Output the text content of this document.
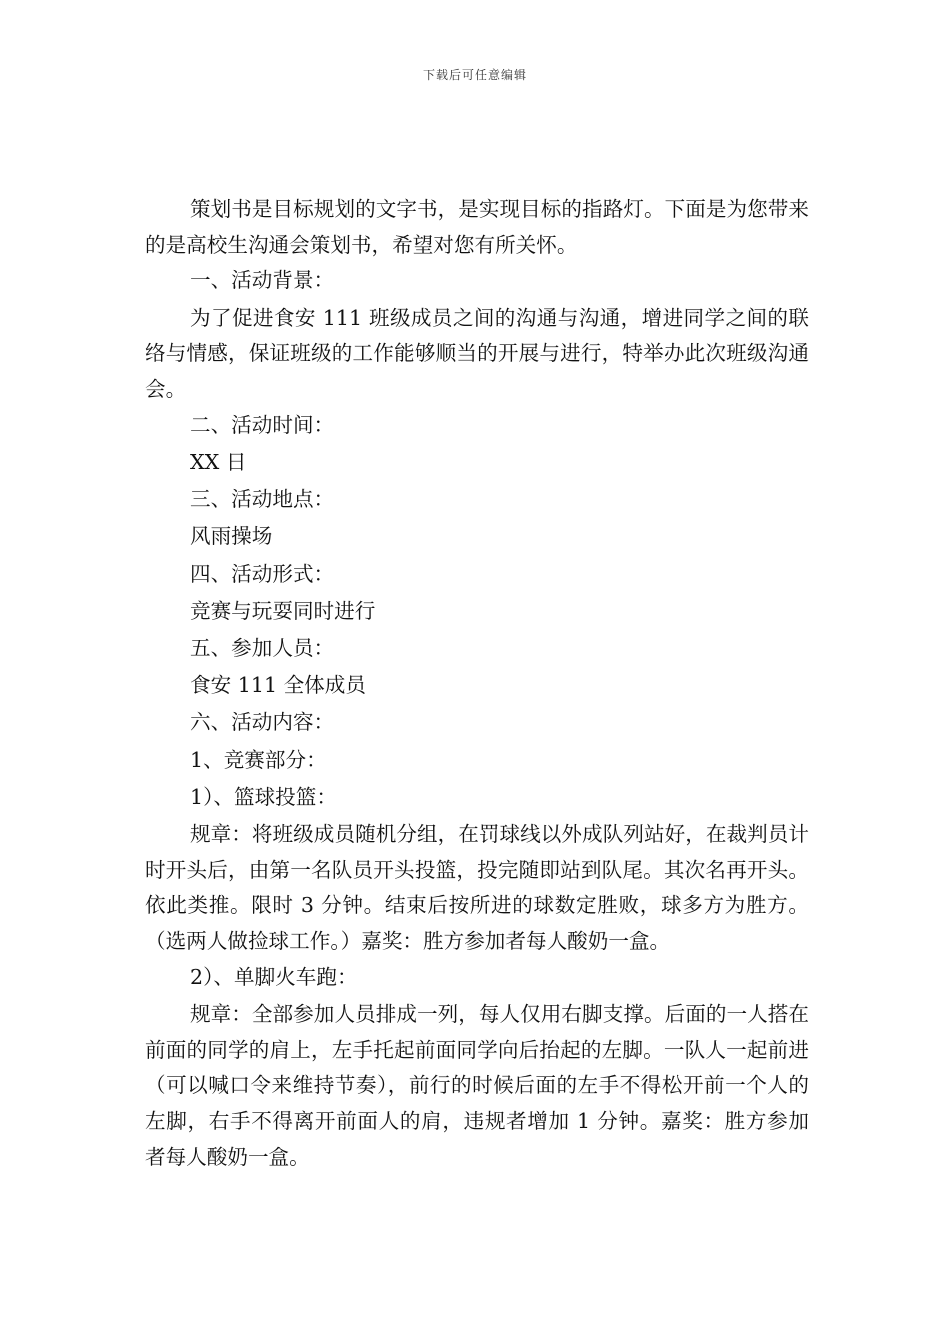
下载后可任意编辑

策划书是目标规划的文字书，是实现目标的指路灯。下面是为您带来的是高校生沟通会策划书，希望对您有所关怀。

一、活动背景：

为了促进食安 111 班级成员之间的沟通与沟通，增进同学之间的联络与情感，保证班级的工作能够顺当的开展与进行，特举办此次班级沟通会。

二、活动时间：

XX 日

三、活动地点：

风雨操场

四、活动形式：

竞赛与玩耍同时进行

五、参加人员：

食安 111 全体成员

六、活动内容：

1、竞赛部分：

1）、篮球投篮：

规章：将班级成员随机分组，在罚球线以外成队列站好，在裁判员计时开头后，由第一名队员开头投篮，投完随即站到队尾。其次名再开头。依此类推。限时 3 分钟。结束后按所进的球数定胜败，球多方为胜方。（选两人做捡球工作。）嘉奖：胜方参加者每人酸奶一盒。

2）、单脚火车跑：

规章：全部参加人员排成一列，每人仅用右脚支撑。后面的一人搭在前面的同学的肩上，左手托起前面同学向后抬起的左脚。一队人一起前进（可以喊口令来维持节奏），前行的时候后面的左手不得松开前一个人的左脚，右手不得离开前面人的肩，违规者增加 1 分钟。嘉奖：胜方参加者每人酸奶一盒。
